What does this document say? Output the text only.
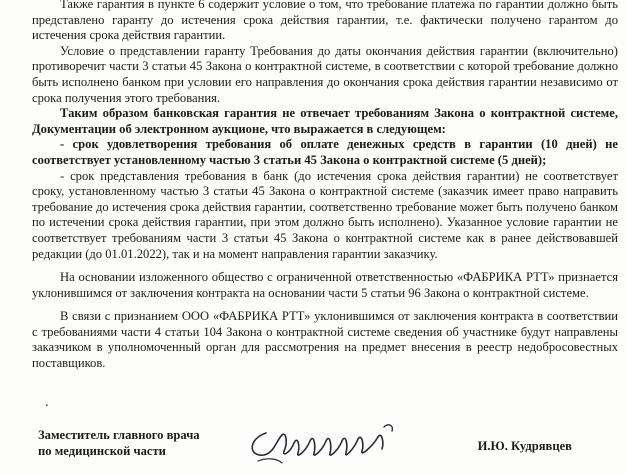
Также гарантия в пункте 6 содержит условие о том, что требование платежа по гарантии должно быть представлено гаранту до истечения срока действия гарантии, т.е. фактически получено гарантом до истечения срока действия гарантии.

Условие о представлении гаранту Требования до даты окончания действия гарантии (включительно) противоречит части 3 статьи 45 Закона о контрактной системе, в соответствии с которой требование должно быть исполнено банком при условии его направления до окончания срока действия гарантии независимо от срока получения этого требования.

Таким образом банковская гарантия не отвечает требованиям Закона о контрактной системе, Документации об электронном аукционе, что выражается в следующем:

- срок удовлетворения требования об оплате денежных средств в гарантии (10 дней) не соответствует установленному частью 3 статьи 45 Закона о контрактной системе (5 дней);

- срок представления требования в банк (до истечения срока действия гарантии) не соответствует сроку, установленному частью 3 статьи 45 Закона о контрактной системе (заказчик имеет право направить требование до истечения срока действия гарантии, соответственно требование может быть получено банком по истечении срока действия гарантии, при этом должно быть исполнено). Указанное условие гарантии не соответствует требованиям части 3 статьи 45 Закона о контрактной системе как в ранее действовавшей редакции (до 01.01.2022), так и на момент направления гарантии заказчику.

На основании изложенного общество с ограниченной ответственностью «ФАБРИКА РТТ» признается уклонившимся от заключения контракта на основании части 5 статьи 96 Закона о контрактной системе.

В связи с признанием ООО «ФАБРИКА РТТ» уклонившимся от заключения контракта в соответствии с требованиями части 4 статьи 104 Закона о контрактной системе сведения об участнике будут направлены заказчиком в уполномоченный орган для рассмотрения на предмет внесения в реестр недобросовестных поставщиков.

.
Заместитель главного врача
по медицинской части	И.Ю. Кудрявцев
